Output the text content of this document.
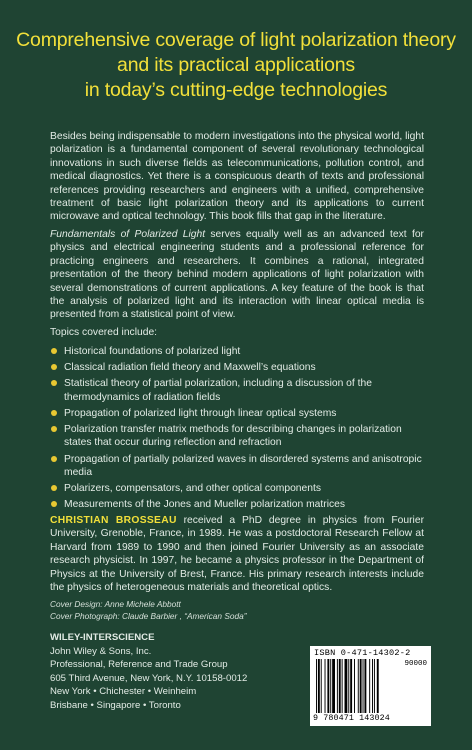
Comprehensive coverage of light polarization theory
and its practical applications
in today’s cutting-edge technologies
Besides being indispensable to modern investigations into the physical world, light polarization is a fundamental component of several revolutionary technological innovations in such diverse fields as telecommunications, pollution control, and medical diagnostics. Yet there is a conspicuous dearth of texts and professional references providing researchers and engineers with a unified, comprehensive treatment of basic light polarization theory and its applications to current microwave and optical technology. This book fills that gap in the literature.
Fundamentals of Polarized Light serves equally well as an advanced text for physics and electrical engineering students and a professional reference for practicing engineers and researchers. It combines a rational, integrated presentation of the theory behind modern applications of light polarization with several demonstrations of current applications. A key feature of the book is that the analysis of polarized light and its interaction with linear optical media is presented from a statistical point of view.
Topics covered include:
Historical foundations of polarized light
Classical radiation field theory and Maxwell’s equations
Statistical theory of partial polarization, including a discussion of the thermodynamics of radiation fields
Propagation of polarized light through linear optical systems
Polarization transfer matrix methods for describing changes in polarization states that occur during reflection and refraction
Propagation of partially polarized waves in disordered systems and anisotropic media
Polarizers, compensators, and other optical components
Measurements of the Jones and Mueller polarization matrices
CHRISTIAN BROSSEAU received a PhD degree in physics from Fourier University, Grenoble, France, in 1989. He was a postdoctoral Research Fellow at Harvard from 1989 to 1990 and then joined Fourier University as an associate research physicist. In 1997, he became a physics professor in the Department of Physics at the University of Brest, France. His primary research interests include the physics of heterogeneous materials and theoretical optics.
Cover Design: Anne Michele Abbott
Cover Photograph: Claude Barbier , “American Soda”
WILEY-INTERSCIENCE
John Wiley & Sons, Inc.
Professional, Reference and Trade Group
605 Third Avenue, New York, N.Y. 10158-0012
New York • Chichester • Weinheim
Brisbane • Singapore • Toronto
ISBN 0-471-14302-2
90000
9 780471 143024
